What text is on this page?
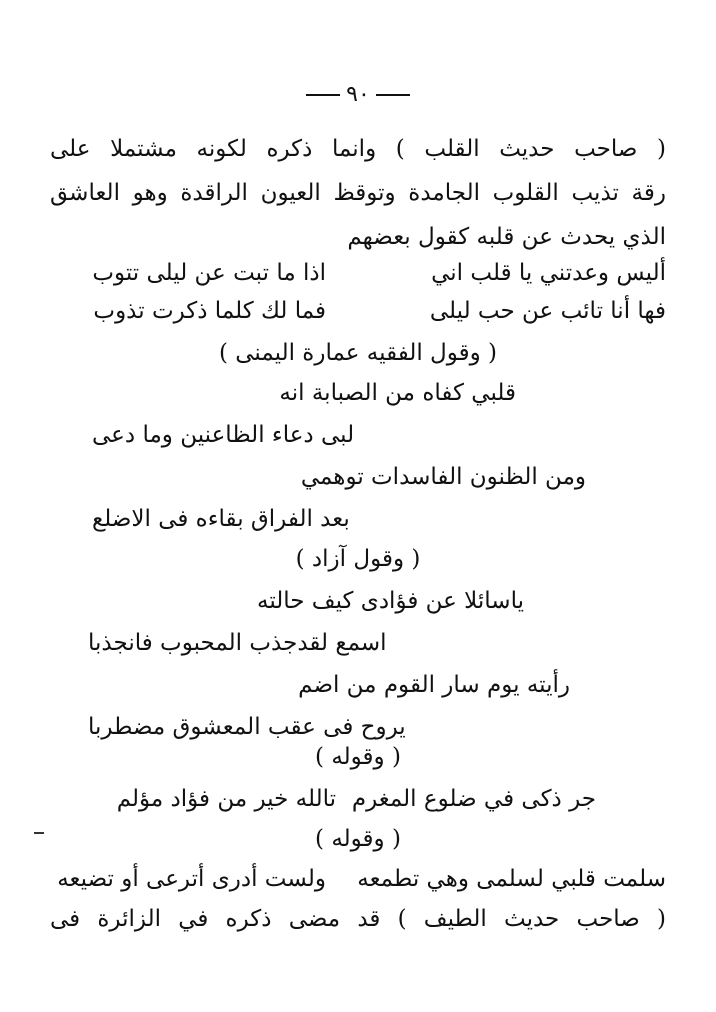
٩٠
( صاحب حديث القلب ) وانما ذكره لكونه مشتملا على
رقة تذيب القلوب الجامدة وتوقظ العيون الراقدة وهو العاشق
الذي يحدث عن قلبه كقول بعضهم
أليس وعدتني يا قلب اني
اذا ما تبت عن ليلى تتوب
فها أنا تائب عن حب ليلى
فما لك كلما ذكرت تذوب
( وقول الفقيه عمارة اليمنى )
قلبي كفاه من الصبابة انه
لبى دعاء الظاعنين وما دعى
ومن الظنون الفاسدات توهمي
بعد الفراق بقاءه فى الاضلع
( وقول آزاد )
ياسائلا عن فؤادى كيف حالته
اسمع لقدجذب المحبوب فانجذبا
رأيته يوم سار القوم من اضم
يروح فى عقب المعشوق مضطربا
( وقوله )
جر ذكى في ضلوع المغرم
تالله خير من فؤاد مؤلم
( وقوله )
سلمت قلبي لسلمى وهي تطمعه
ولست أدرى أترعى أو تضيعه
( صاحب حديث الطيف ) قد مضى ذكره في الزائرة فى
